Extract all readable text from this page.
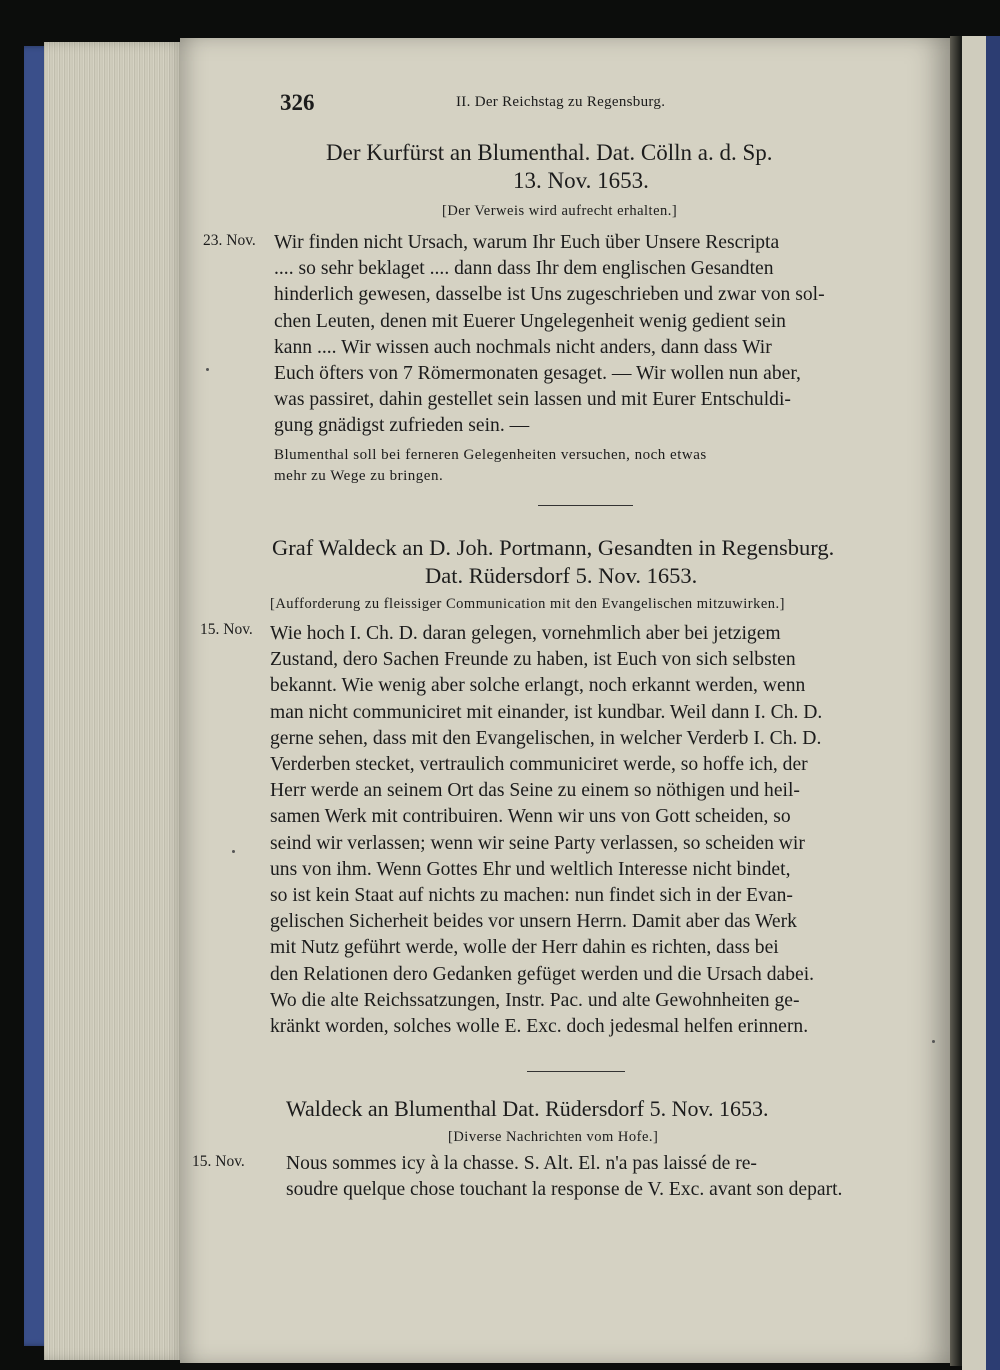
326	II. Der Reichstag zu Regensburg.
Der Kurfürst an Blumenthal. Dat. Cölln a. d. Sp.
13. Nov. 1653.
[Der Verweis wird aufrecht erhalten.]
23. Nov. Wir finden nicht Ursach, warum Ihr Euch über Unsere Rescripta
.... so sehr beklaget .... dann dass Ihr dem englischen Gesandten
hinderlich gewesen, dasselbe ist Uns zugeschrieben und zwar von sol-
chen Leuten, denen mit Euerer Ungelegenheit wenig gedient sein
kann .... Wir wissen auch nochmals nicht anders, dann dass Wir
Euch öfters von 7 Römermonaten gesaget. — Wir wollen nun aber,
was passiret, dahin gestellet sein lassen und mit Eurer Entschuldi-
gung gnädigst zufrieden sein. —
Blumenthal soll bei ferneren Gelegenheiten versuchen, noch etwas
mehr zu Wege zu bringen.
Graf Waldeck an D. Joh. Portmann, Gesandten in Regensburg.
Dat. Rüdersdorf 5. Nov. 1653.
[Aufforderung zu fleissiger Communication mit den Evangelischen mitzuwirken.]
15. Nov. Wie hoch I. Ch. D. daran gelegen, vornehmlich aber bei jetzigem
Zustand, dero Sachen Freunde zu haben, ist Euch von sich selbsten
bekannt. Wie wenig aber solche erlangt, noch erkannt werden, wenn
man nicht communiciret mit einander, ist kundbar. Weil dann I. Ch. D.
gerne sehen, dass mit den Evangelischen, in welcher Verderb I. Ch. D.
Verderben stecket, vertraulich communiciret werde, so hoffe ich, der
Herr werde an seinem Ort das Seine zu einem so nöthigen und heil-
samen Werk mit contribuiren. Wenn wir uns von Gott scheiden, so
seind wir verlassen; wenn wir seine Party verlassen, so scheiden wir
uns von ihm. Wenn Gottes Ehr und weltlich Interesse nicht bindet,
so ist kein Staat auf nichts zu machen: nun findet sich in der Evan-
gelischen Sicherheit beides vor unsern Herrn. Damit aber das Werk
mit Nutz geführt werde, wolle der Herr dahin es richten, dass bei
den Relationen dero Gedanken gefüget werden und die Ursach dabei.
Wo die alte Reichssatzungen, Instr. Pac. und alte Gewohnheiten ge-
kränkt worden, solches wolle E. Exc. doch jedesmal helfen erinnern.
Waldeck an Blumenthal Dat. Rüdersdorf 5. Nov. 1653.
[Diverse Nachrichten vom Hofe.]
15. Nov. Nous sommes icy à la chasse. S. Alt. El. n'a pas laissé de re-
soudre quelque chose touchant la response de V. Exc. avant son depart.
